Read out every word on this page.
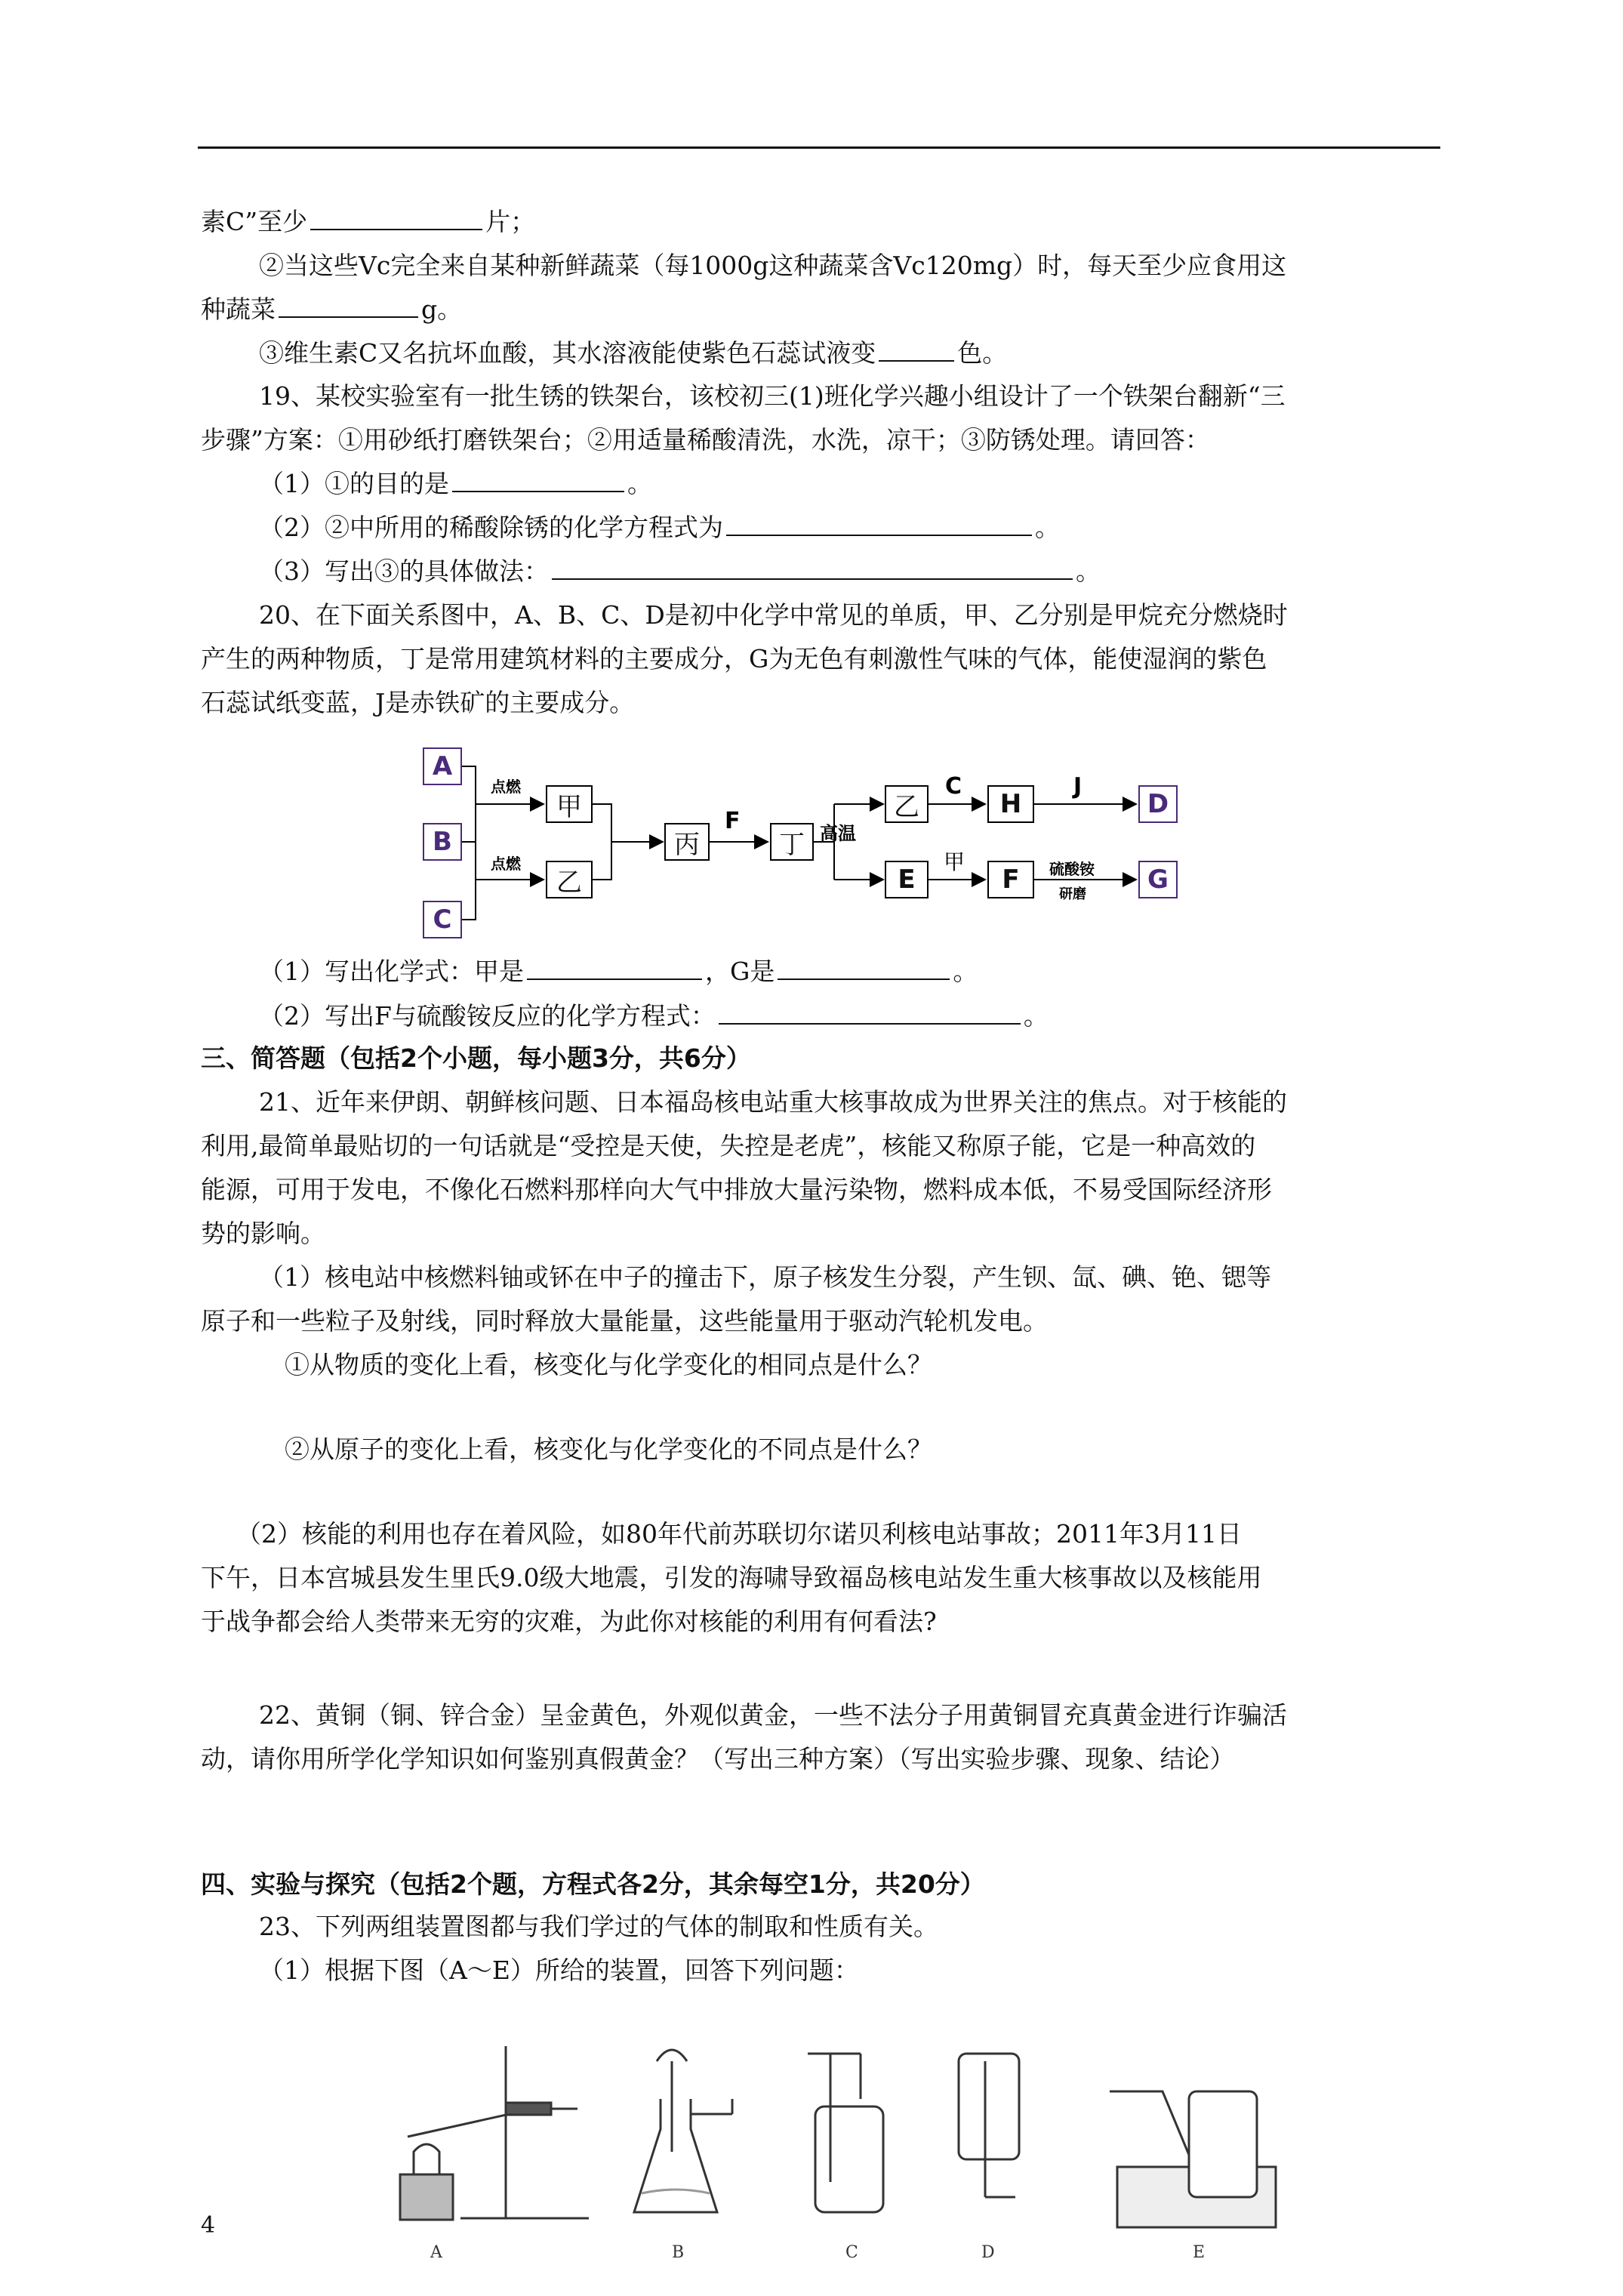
素C”至少	片；
②当这些Vc完全来自某种新鲜蔬菜（每1000g这种蔬菜含Vc120mg）时，每天至少应食用这
种蔬菜	g。
③维生素C又名抗坏血酸，其水溶液能使紫色石蕊试液变	色。
19、某校实验室有一批生锈的铁架台，该校初三(1)班化学兴趣小组设计了一个铁架台翻新“三
步骤”方案：①用砂纸打磨铁架台；②用适量稀酸清洗，水洗，凉干；③防锈处理。请回答：
（1）①的目的是	。
（2）②中所用的稀酸除锈的化学方程式为	。
（3）写出③的具体做法：	。
20、在下面关系图中，A、B、C、D是初中化学中常见的单质，甲、乙分别是甲烷充分燃烧时
产生的两种物质，丁是常用建筑材料的主要成分，G为无色有刺激性气味的气体，能使湿润的紫色
石蕊试纸变蓝，J是赤铁矿的主要成分。
A
B
C
点燃
点燃
甲
乙
丙
F
丁 高温
乙
C
H
J
D
E
甲
F	硫酸铵
研磨	G
（1）写出化学式：甲是	，G是	。
（2）写出F与硫酸铵反应的化学方程式：	。
三、简答题（包括2个小题，每小题3分，共6分）
21、近年来伊朗、朝鲜核问题、日本福岛核电站重大核事故成为世界关注的焦点。对于核能的
利用,最简单最贴切的一句话就是“受控是天使，失控是老虎”，核能又称原子能，它是一种高效的
能源，可用于发电，不像化石燃料那样向大气中排放大量污染物，燃料成本低，不易受国际经济形
势的影响。
（1）核电站中核燃料铀或钚在中子的撞击下，原子核发生分裂，产生钡、氙、碘、铯、锶等
原子和一些粒子及射线，同时释放大量能量，这些能量用于驱动汽轮机发电。
①从物质的变化上看，核变化与化学变化的相同点是什么？
②从原子的变化上看，核变化与化学变化的不同点是什么？
（2）核能的利用也存在着风险，如80年代前苏联切尔诺贝利核电站事故；2011年3月11日
下午，日本宫城县发生里氏9.0级大地震，引发的海啸导致福岛核电站发生重大核事故以及核能用
于战争都会给人类带来无穷的灾难，为此你对核能的利用有何看法?
22、黄铜（铜、锌合金）呈金黄色，外观似黄金，一些不法分子用黄铜冒充真黄金进行诈骗活
动，请你用所学化学知识如何鉴别真假黄金？（写出三种方案）（写出实验步骤、现象、结论）
四、实验与探究（包括2个题，方程式各2分，其余每空1分，共20分）
23、下列两组装置图都与我们学过的气体的制取和性质有关。
（1）根据下图（A～E）所给的装置，回答下列问题：
A	B	C	D	E
4
